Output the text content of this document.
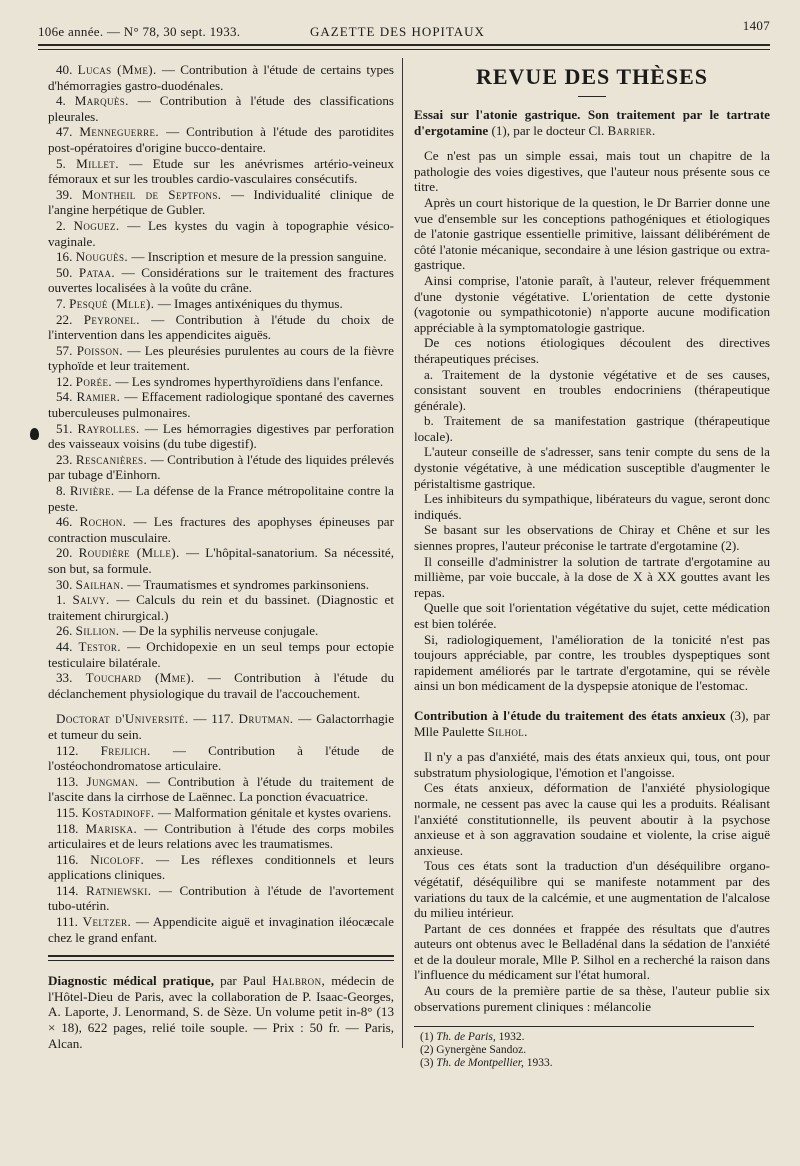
106e année. — N° 78, 30 sept. 1933.	GAZETTE DES HOPITAUX	1407

40. Lucas (Mme). — Contribution à l'étude de certains types d'hémorragies gastro-duodénales.

4. Marquès. — Contribution à l'étude des classifications pleurales.

47. Menneguerre. — Contribution à l'étude des parotidites post-opératoires d'origine bucco-dentaire.

5. Millet. — Etude sur les anévrismes artério-veineux fémoraux et sur les troubles cardio-vasculaires consécutifs.

39. Montheil de Septfons. — Individualité clinique de l'angine herpétique de Gubler.

2. Noguez. — Les kystes du vagin à topographie vésico-vaginale.

16. Nouguès. — Inscription et mesure de la pression sanguine.

50. Pataa. — Considérations sur le traitement des fractures ouvertes localisées à la voûte du crâne.

7. Pesqué (Mlle). — Images antixéniques du thymus.

22. Peyronel. — Contribution à l'étude du choix de l'intervention dans les appendicites aiguës.

57. Poisson. — Les pleurésies purulentes au cours de la fièvre typhoïde et leur traitement.

12. Porée. — Les syndromes hyperthyroïdiens dans l'enfance.

54. Ramier. — Effacement radiologique spontané des cavernes tuberculeuses pulmonaires.

51. Rayrolles. — Les hémorragies digestives par perforation des vaisseaux voisins (du tube digestif).

23. Rescanières. — Contribution à l'étude des liquides prélevés par tubage d'Einhorn.

8. Rivière. — La défense de la France métropolitaine contre la peste.

46. Rochon. — Les fractures des apophyses épineuses par contraction musculaire.

20. Roudière (Mlle). — L'hôpital-sanatorium. Sa nécessité, son but, sa formule.

30. Sailhan. — Traumatismes et syndromes parkinsoniens.

1. Salvy. — Calculs du rein et du bassinet. (Diagnostic et traitement chirurgical.)

26. Sillion. — De la syphilis nerveuse conjugale.

44. Testor. — Orchidopexie en un seul temps pour ectopie testiculaire bilatérale.

33. Touchard (Mme). — Contribution à l'étude du déclanchement physiologique du travail de l'accouchement.

Doctorat d'Université. — 117. Drutman. — Galactorrhagie et tumeur du sein.

112. Frejlich. — Contribution à l'étude de l'ostéochondromatose articulaire.

113. Jungman. — Contribution à l'étude du traitement de l'ascite dans la cirrhose de Laënnec. La ponction évacuatrice.

115. Kostadinoff. — Malformation génitale et kystes ovariens.

118. Mariska. — Contribution à l'étude des corps mobiles articulaires et de leurs relations avec les traumatismes.

116. Nicoloff. — Les réflexes conditionnels et leurs applications cliniques.

114. Ratniewski. — Contribution à l'étude de l'avortement tubo-utérin.

111. Veltzer. — Appendicite aiguë et invagination iléocæcale chez le grand enfant.

Diagnostic médical pratique, par Paul Halbron, médecin de l'Hôtel-Dieu de Paris, avec la collaboration de P. Isaac-Georges, A. Laporte, J. Lenormand, S. de Sèze. Un volume petit in-8° (13 × 18), 622 pages, relié toile souple. — Prix : 50 fr. — Paris, Alcan.

REVUE DES THÈSES

Essai sur l'atonie gastrique. Son traitement par le tartrate d'ergotamine (1), par le docteur Cl. Barrier.

Ce n'est pas un simple essai, mais tout un chapitre de la pathologie des voies digestives, que l'auteur nous présente sous ce titre.

Après un court historique de la question, le Dr Barrier donne une vue d'ensemble sur les conceptions pathogéniques et étiologiques de l'atonie gastrique essentielle primitive, laissant délibérément de côté l'atonie mécanique, secondaire à une lésion gastrique ou extra-gastrique.

Ainsi comprise, l'atonie paraît, à l'auteur, relever fréquemment d'une dystonie végétative. L'orientation de cette dystonie (vagotonie ou sympathicotonie) n'apporte aucune modification appréciable à la symptomatologie gastrique.

De ces notions étiologiques découlent des directives thérapeutiques précises.

a. Traitement de la dystonie végétative et de ses causes, consistant souvent en troubles endocriniens (thérapeutique générale).

b. Traitement de sa manifestation gastrique (thérapeutique locale).

L'auteur conseille de s'adresser, sans tenir compte du sens de la dystonie végétative, à une médication susceptible d'augmenter le péristaltisme gastrique.

Les inhibiteurs du sympathique, libérateurs du vague, seront donc indiqués.

Se basant sur les observations de Chiray et Chêne et sur les siennes propres, l'auteur préconise le tartrate d'ergotamine (2).

Il conseille d'administrer la solution de tartrate d'ergotamine au millième, par voie buccale, à la dose de X à XX gouttes avant les repas.

Quelle que soit l'orientation végétative du sujet, cette médication est bien tolérée.

Si, radiologiquement, l'amélioration de la tonicité n'est pas toujours appréciable, par contre, les troubles dyspeptiques sont rapidement améliorés par le tartrate d'ergotamine, qui se révèle ainsi un bon médicament de la dyspepsie atonique de l'estomac.

Contribution à l'étude du traitement des états anxieux (3), par Mlle Paulette Silhol.

Il n'y a pas d'anxiété, mais des états anxieux qui, tous, ont pour substratum physiologique, l'émotion et l'angoisse.

Ces états anxieux, déformation de l'anxiété physiologique normale, ne cessent pas avec la cause qui les a produits. Réalisant l'anxiété constitutionnelle, ils peuvent aboutir à la psychose anxieuse et à son aggravation soudaine et violente, la crise aiguë anxieuse.

Tous ces états sont la traduction d'un déséquilibre organo-végétatif, déséquilibre qui se manifeste notamment par des variations du taux de la calcémie, et une augmentation de l'alcalose du milieu intérieur.

Partant de ces données et frappée des résultats que d'autres auteurs ont obtenus avec le Belladénal dans la sédation de l'anxiété et de la douleur morale, Mlle P. Silhol en a recherché la raison dans l'influence du médicament sur l'état humoral.

Au cours de la première partie de sa thèse, l'auteur publie six observations purement cliniques : mélancolie

(1) Th. de Paris, 1932.

(2) Gynergène Sandoz.

(3) Th. de Montpellier, 1933.
